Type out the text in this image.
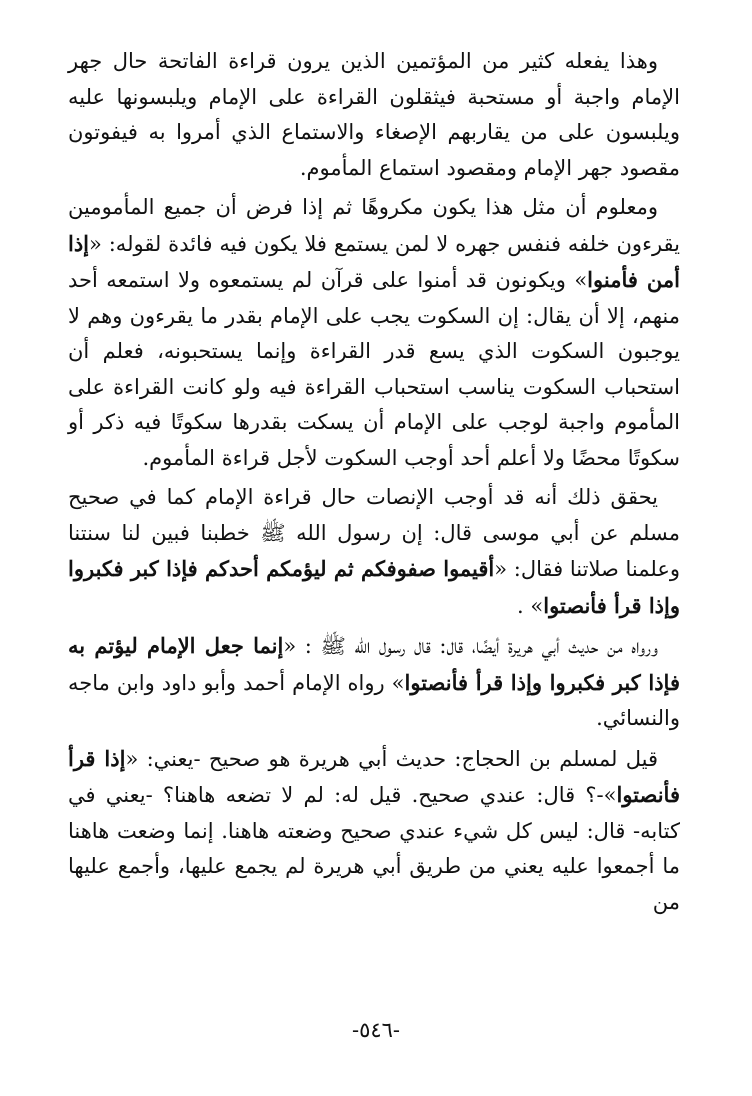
وهذا يفعله كثير من المؤتمين الذين يرون قراءة الفاتحة حال جهر الإمام واجبة أو مستحبة فيثقلون القراءة على الإمام ويلبسونها عليه ويلبسون على من يقاربهم الإصغاء والاستماع الذي أمروا به فيفوتون مقصود جهر الإمام ومقصود استماع المأموم.

ومعلوم أن مثل هذا يكون مكروهًا ثم إذا فرض أن جميع المأمومين يقرءون خلفه فنفس جهره لا لمن يستمع فلا يكون فيه فائدة لقوله: «إذا أمن فأمنوا» ويكونون قد أمنوا على قرآن لم يستمعوه ولا استمعه أحد منهم، إلا أن يقال: إن السكوت يجب على الإمام بقدر ما يقرءون وهم لا يوجبون السكوت الذي يسع قدر القراءة وإنما يستحبونه، فعلم أن استحباب السكوت يناسب استحباب القراءة فيه ولو كانت القراءة على المأموم واجبة لوجب على الإمام أن يسكت بقدرها سكوتًا فيه ذكر أو سكوتًا محضًا ولا أعلم أحد أوجب السكوت لأجل قراءة المأموم.

يحقق ذلك أنه قد أوجب الإنصات حال قراءة الإمام كما في صحيح مسلم عن أبي موسى قال: إن رسول الله ﷺ خطبنا فبين لنا سنتنا وعلمنا صلاتنا فقال: «أقيموا صفوفكم ثم ليؤمكم أحدكم فإذا كبر فكبروا وإذا قرأ فأنصتوا» .

ورواه من حديث أبي هريرة أيضًا، قال: قال رسول الله ﷺ : «إنما جعل الإمام ليؤتم به فإذا كبر فكبروا وإذا قرأ فأنصتوا» رواه الإمام أحمد وأبو داود وابن ماجه والنسائي.

قيل لمسلم بن الحجاج: حديث أبي هريرة هو صحيح -يعني: «إذا قرأ فأنصتوا»-؟ قال: عندي صحيح. قيل له: لم لا تضعه هاهنا؟ -يعني في كتابه- قال: ليس كل شيء عندي صحيح وضعته هاهنا. إنما وضعت هاهنا ما أجمعوا عليه يعني من طريق أبي هريرة لم يجمع عليها، وأجمع عليها من

-٥٤٦-
